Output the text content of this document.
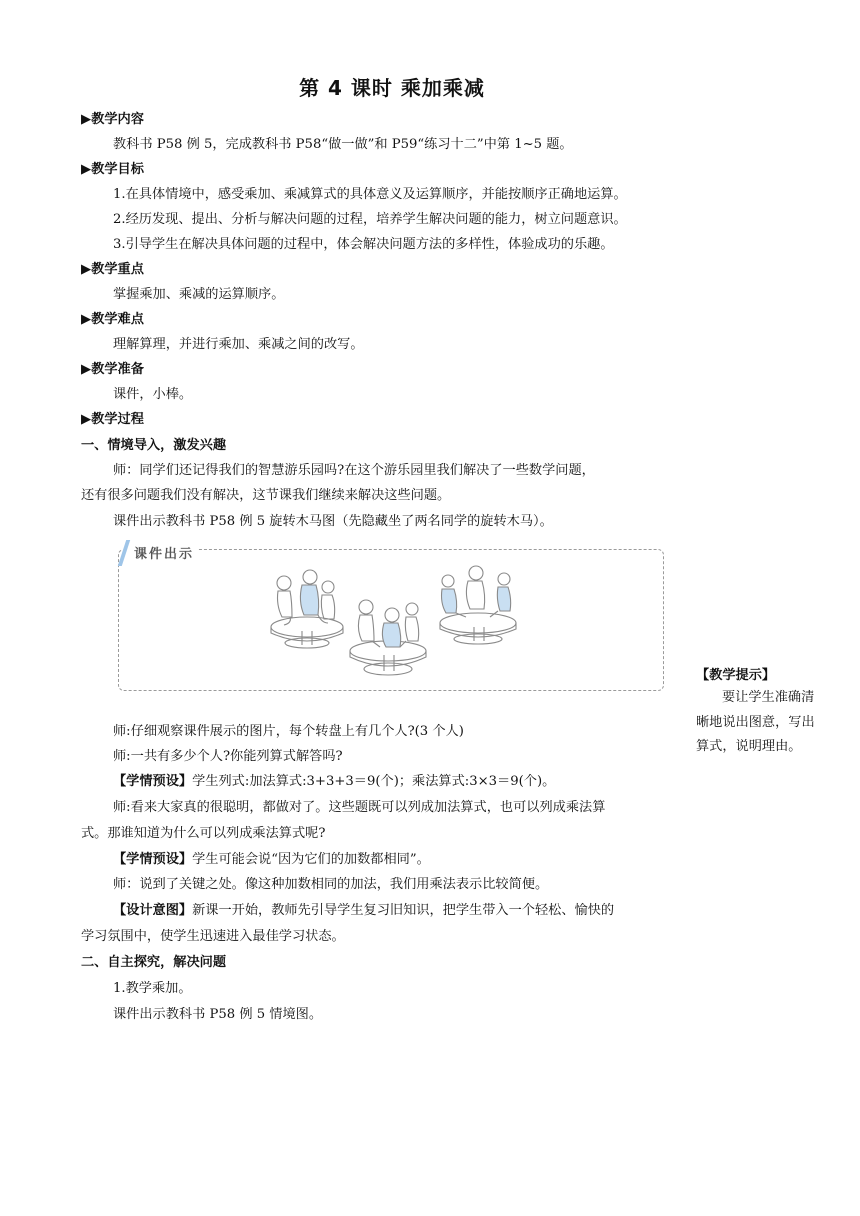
第 4 课时 乘加乘减
▶教学内容
教科书 P58 例 5，完成教科书 P58“做一做”和 P59“练习十二”中第 1~5 题。
▶教学目标
1.在具体情境中，感受乘加、乘减算式的具体意义及运算顺序，并能按顺序正确地运算。
2.经历发现、提出、分析与解决问题的过程，培养学生解决问题的能力，树立问题意识。
3.引导学生在解决具体问题的过程中，体会解决问题方法的多样性，体验成功的乐趣。
▶教学重点
掌握乘加、乘减的运算顺序。
▶教学难点
理解算理，并进行乘加、乘减之间的改写。
▶教学准备
课件，小棒。
▶教学过程
一、情境导入，激发兴趣
师：同学们还记得我们的智慧游乐园吗?在这个游乐园里我们解决了一些数学问题，
还有很多问题我们没有解决，这节课我们继续来解决这些问题。
课件出示教科书 P58 例 5 旋转木马图（先隐藏坐了两名同学的旋转木马）。
课件出示
师:仔细观察课件展示的图片，每个转盘上有几个人?(3 个人)
师:一共有多少个人?你能列算式解答吗?
【学情预设】学生列式:加法算式:3+3+3＝9(个)；乘法算式:3×3＝9(个)。
师:看来大家真的很聪明，都做对了。这些题既可以列成加法算式，也可以列成乘法算
式。那谁知道为什么可以列成乘法算式呢?
【学情预设】学生可能会说“因为它们的加数都相同”。
师：说到了关键之处。像这种加数相同的加法，我们用乘法表示比较简便。
【设计意图】新课一开始，教师先引导学生复习旧知识，把学生带入一个轻松、愉快的
学习氛围中，使学生迅速进入最佳学习状态。
二、自主探究，解决问题
1.教学乘加。
课件出示教科书 P58 例 5 情境图。
【教学提示】
要让学生准确清晰地说出图意，写出算式，说明理由。
